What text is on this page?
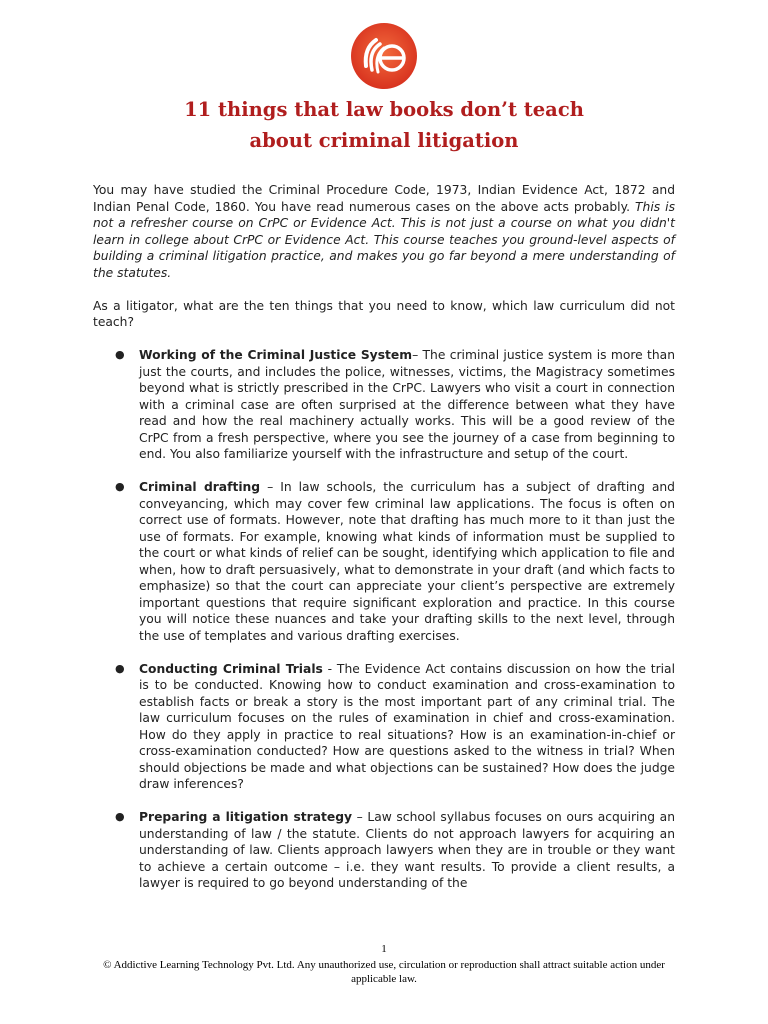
11 things that law books don’t teach
about criminal litigation

You may have studied the Criminal Procedure Code, 1973, Indian Evidence Act, 1872 and Indian Penal Code, 1860. You have read numerous cases on the above acts probably. This is not a refresher course on CrPC or Evidence Act. This is not just a course on what you didn't learn in college about CrPC or Evidence Act. This course teaches you ground-level aspects of building a criminal litigation practice, and makes you go far beyond a mere understanding of the statutes.

As a litigator, what are the ten things that you need to know, which law curriculum did not teach?

● Working of the Criminal Justice System– The criminal justice system is more than just the courts, and includes the police, witnesses, victims, the Magistracy sometimes beyond what is strictly prescribed in the CrPC. Lawyers who visit a court in connection with a criminal case are often surprised at the difference between what they have read and how the real machinery actually works. This will be a good review of the CrPC from a fresh perspective, where you see the journey of a case from beginning to end. You also familiarize yourself with the infrastructure and setup of the court.
● Criminal drafting – In law schools, the curriculum has a subject of drafting and conveyancing, which may cover few criminal law applications. The focus is often on correct use of formats. However, note that drafting has much more to it than just the use of formats. For example, knowing what kinds of information must be supplied to the court or what kinds of relief can be sought, identifying which application to file and when, how to draft persuasively, what to demonstrate in your draft (and which facts to emphasize) so that the court can appreciate your client’s perspective are extremely important questions that require significant exploration and practice. In this course you will notice these nuances and take your drafting skills to the next level, through the use of templates and various drafting exercises.
● Conducting Criminal Trials - The Evidence Act contains discussion on how the trial is to be conducted. Knowing how to conduct examination and cross-examination to establish facts or break a story is the most important part of any criminal trial. The law curriculum focuses on the rules of examination in chief and cross-examination. How do they apply in practice to real situations? How is an examination-in-chief or cross-examination conducted? How are questions asked to the witness in trial? When should objections be made and what objections can be sustained? How does the judge draw inferences?
● Preparing a litigation strategy – Law school syllabus focuses on ours acquiring an understanding of law / the statute. Clients do not approach lawyers for acquiring an understanding of law. Clients approach lawyers when they are in trouble or they want to achieve a certain outcome – i.e. they want results. To provide a client results, a lawyer is required to go beyond understanding of the
1
© Addictive Learning Technology Pvt. Ltd. Any unauthorized use, circulation or reproduction shall attract suitable action under applicable law.
